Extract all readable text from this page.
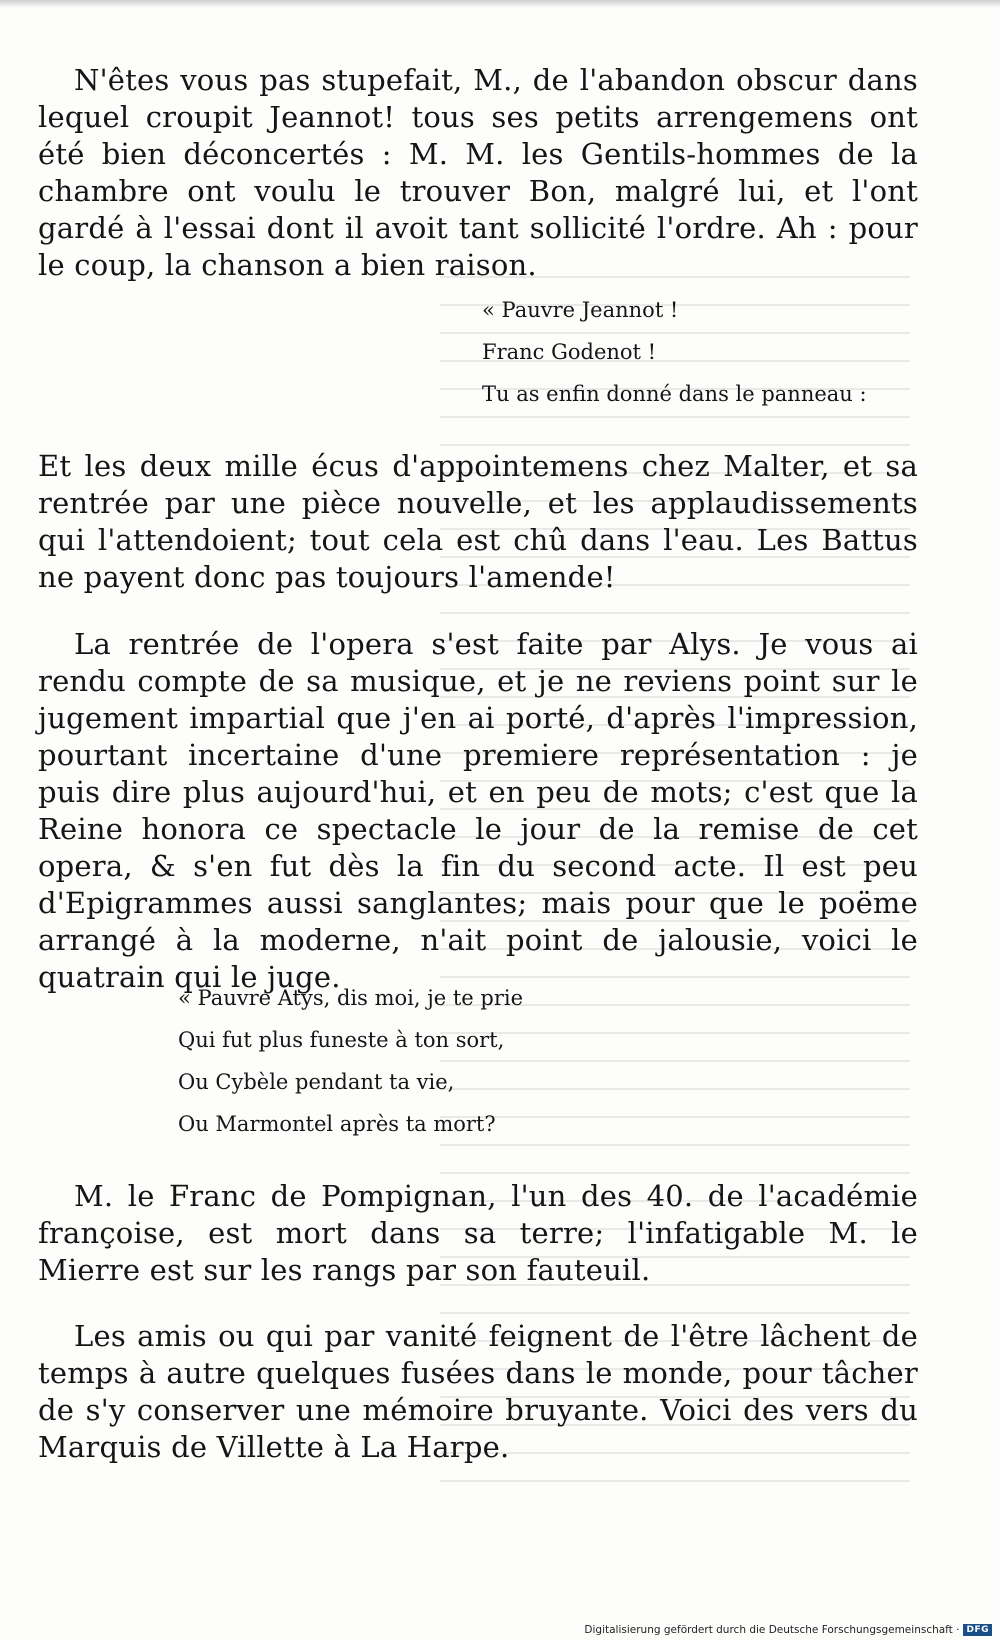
N'êtes vous pas stupefait, M., de l'abandon obscur dans lequel croupit Jeannot! tous ses petits arrengemens ont été bien déconcertés : M. M. les Gentils-hommes de la chambre ont voulu le trouver Bon, malgré lui, et l'ont gardé à l'essai dont il avoit tant sollicité l'ordre. Ah : pour le coup, la chanson a bien raison.

« Pauvre Jeannot !
Franc Godenot !
Tu as enfin donné dans le panneau :

Et les deux mille écus d'appointemens chez Malter, et sa rentrée par une pièce nouvelle, et les applaudissements qui l'attendoient; tout cela est chû dans l'eau. Les Battus ne payent donc pas toujours l'amende!

La rentrée de l'opera s'est faite par Alys. Je vous ai rendu compte de sa musique, et je ne reviens point sur le jugement impartial que j'en ai porté, d'après l'impression, pourtant incertaine d'une premiere représentation : je puis dire plus aujourd'hui, et en peu de mots; c'est que la Reine honora ce spectacle le jour de la remise de cet opera, & s'en fut dès la fin du second acte. Il est peu d'Epigrammes aussi sanglantes; mais pour que le poëme arrangé à la moderne, n'ait point de jalousie, voici le quatrain qui le juge.

« Pauvre Atys, dis moi, je te prie
Qui fut plus funeste à ton sort,
Ou Cybèle pendant ta vie,
Ou Marmontel après ta mort?

M. le Franc de Pompignan, l'un des 40. de l'académie françoise, est mort dans sa terre; l'infatigable M. le Mierre est sur les rangs par son fauteuil.

Les amis ou qui par vanité feignent de l'être lâchent de temps à autre quelques fusées dans le monde, pour tâcher de s'y conserver une mémoire bruyante. Voici des vers du Marquis de Villette à La Harpe.

Digitalisierung gefördert durch die Deutsche Forschungsgemeinschaft · DFG
